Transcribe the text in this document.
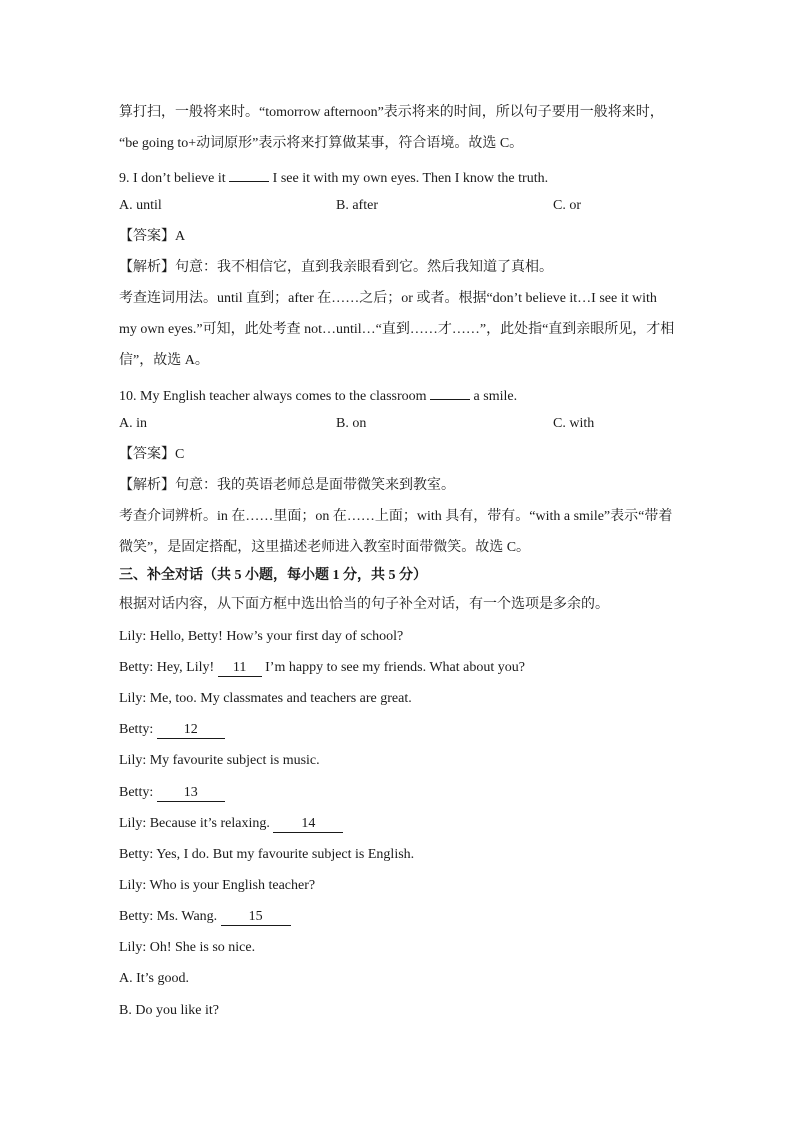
算打扫，一般将来时。“tomorrow afternoon”表示将来的时间，所以句子要用一般将来时，
“be going to+动词原形”表示将来打算做某事，符合语境。故选 C。
9. I don’t believe it	I see it with my own eyes. Then I know the truth.
A. until	B. after	C. or
【答案】A
【解析】句意：我不相信它，直到我亲眼看到它。然后我知道了真相。
考查连词用法。until 直到；after 在……之后；or 或者。根据“don’t believe it…I see it with
my own eyes.”可知，此处考查 not…until…“直到……才……”，此处指“直到亲眼所见，才相
信”，故选 A。
10. My English teacher always comes to the classroom	a smile.
A. in	B. on	C. with
【答案】C
【解析】句意：我的英语老师总是面带微笑来到教室。
考查介词辨析。in 在……里面；on 在……上面；with 具有，带有。“with a smile”表示“带着
微笑”，是固定搭配，这里描述老师进入教室时面带微笑。故选 C。
三、补全对话（共 5 小题，每小题 1 分，共 5 分）
根据对话内容，从下面方框中选出恰当的句子补全对话，有一个选项是多余的。
Lily: Hello, Betty! How’s your first day of school?
Betty: Hey, Lily! 11 I’m happy to see my friends. What about you?
Lily: Me, too. My classmates and teachers are great.
Betty: 12
Lily: My favourite subject is music.
Betty: 13
Lily: Because it’s relaxing. 14
Betty: Yes, I do. But my favourite subject is English.
Lily: Who is your English teacher?
Betty: Ms. Wang. 15
Lily: Oh! She is so nice.
A. It’s good.
B. Do you like it?
